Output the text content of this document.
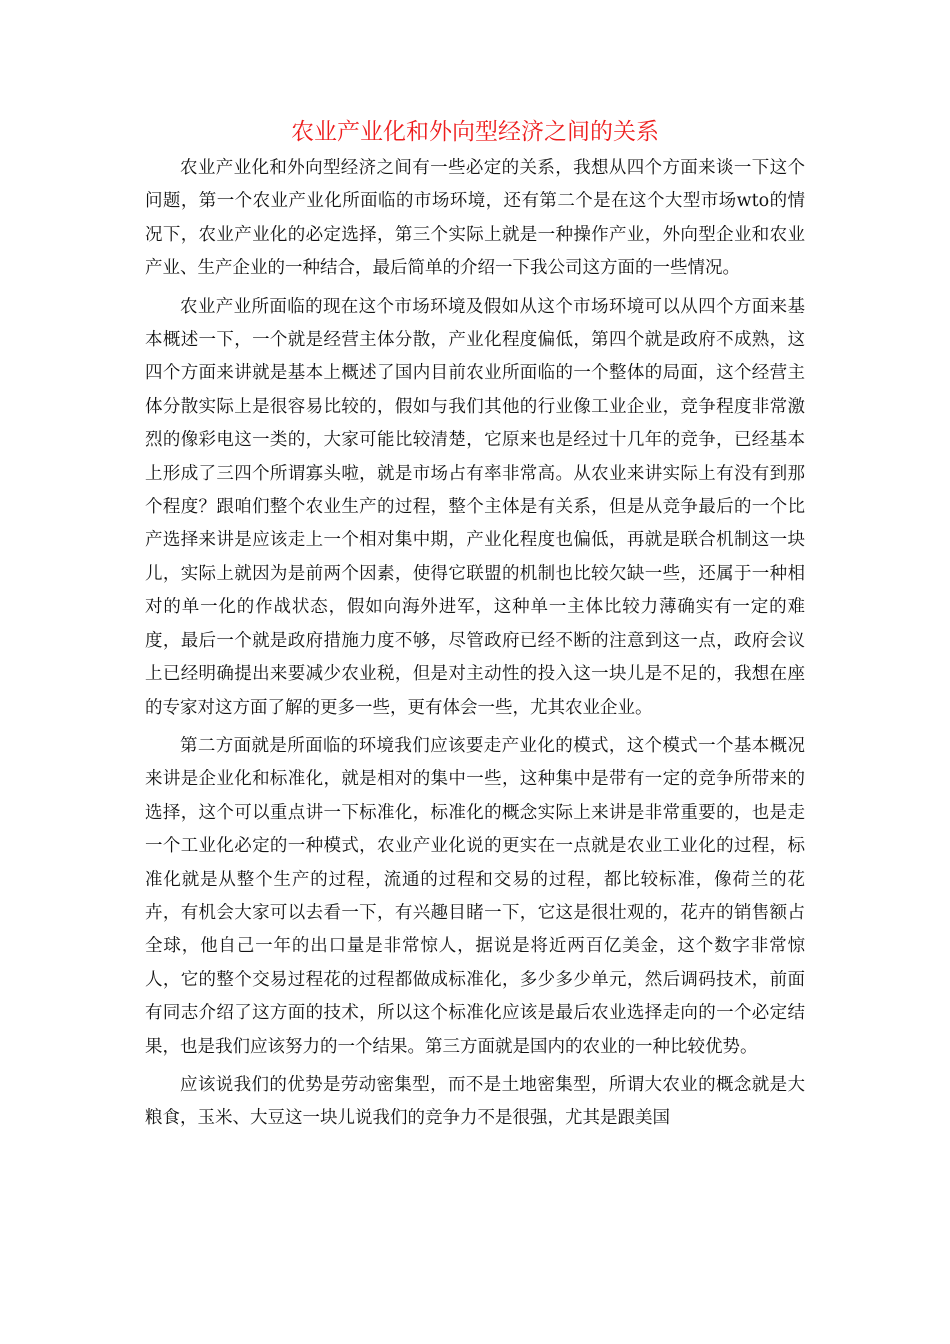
农业产业化和外向型经济之间的关系

农业产业化和外向型经济之间有一些必定的关系，我想从四个方面来谈一下这个问题，第一个农业产业化所面临的市场环境，还有第二个是在这个大型市场wto的情况下，农业产业化的必定选择，第三个实际上就是一种操作产业，外向型企业和农业产业、生产企业的一种结合，最后简单的介绍一下我公司这方面的一些情况。

农业产业所面临的现在这个市场环境及假如从这个市场环境可以从四个方面来基本概述一下，一个就是经营主体分散，产业化程度偏低，第四个就是政府不成熟，这四个方面来讲就是基本上概述了国内目前农业所面临的一个整体的局面，这个经营主体分散实际上是很容易比较的，假如与我们其他的行业像工业企业，竞争程度非常激烈的像彩电这一类的，大家可能比较清楚，它原来也是经过十几年的竞争，已经基本上形成了三四个所谓寡头啦，就是市场占有率非常高。从农业来讲实际上有没有到那个程度？跟咱们整个农业生产的过程，整个主体是有关系，但是从竞争最后的一个比产选择来讲是应该走上一个相对集中期，产业化程度也偏低，再就是联合机制这一块儿，实际上就因为是前两个因素，使得它联盟的机制也比较欠缺一些，还属于一种相对的单一化的作战状态，假如向海外进军，这种单一主体比较力薄确实有一定的难度，最后一个就是政府措施力度不够，尽管政府已经不断的注意到这一点，政府会议上已经明确提出来要减少农业税，但是对主动性的投入这一块儿是不足的，我想在座的专家对这方面了解的更多一些，更有体会一些，尤其农业企业。

第二方面就是所面临的环境我们应该要走产业化的模式，这个模式一个基本概况来讲是企业化和标准化，就是相对的集中一些，这种集中是带有一定的竞争所带来的选择，这个可以重点讲一下标准化，标准化的概念实际上来讲是非常重要的，也是走一个工业化必定的一种模式，农业产业化说的更实在一点就是农业工业化的过程，标准化就是从整个生产的过程，流通的过程和交易的过程，都比较标准，像荷兰的花卉，有机会大家可以去看一下，有兴趣目睹一下，它这是很壮观的，花卉的销售额占全球，他自己一年的出口量是非常惊人，据说是将近两百亿美金，这个数字非常惊人，它的整个交易过程花的过程都做成标准化，多少多少单元，然后调码技术，前面有同志介绍了这方面的技术，所以这个标准化应该是最后农业选择走向的一个必定结果，也是我们应该努力的一个结果。第三方面就是国内的农业的一种比较优势。

应该说我们的优势是劳动密集型，而不是土地密集型，所谓大农业的概念就是大粮食，玉米、大豆这一块儿说我们的竞争力不是很强，尤其是跟美国
